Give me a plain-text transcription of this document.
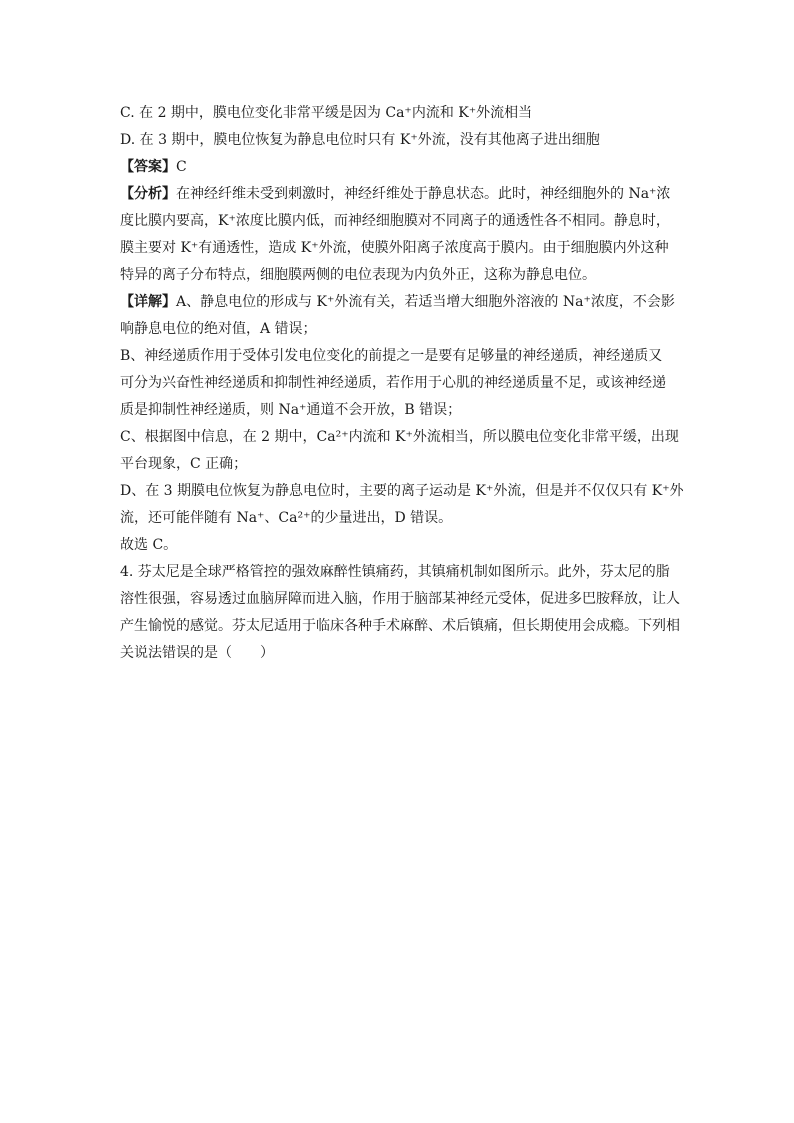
C. 在 2 期中，膜电位变化非常平缓是因为 Ca⁺内流和 K⁺外流相当

D. 在 3 期中，膜电位恢复为静息电位时只有 K⁺外流，没有其他离子进出细胞

【答案】C

【分析】在神经纤维未受到刺激时，神经纤维处于静息状态。此时，神经细胞外的 Na⁺浓

度比膜内要高，K⁺浓度比膜内低，而神经细胞膜对不同离子的通透性各不相同。静息时，

膜主要对 K⁺有通透性，造成 K⁺外流，使膜外阳离子浓度高于膜内。由于细胞膜内外这种

特异的离子分布特点，细胞膜两侧的电位表现为内负外正，这称为静息电位。

【详解】A、静息电位的形成与 K⁺外流有关，若适当增大细胞外溶液的 Na⁺浓度，不会影

响静息电位的绝对值，A 错误；

B、神经递质作用于受体引发电位变化的前提之一是要有足够量的神经递质，神经递质又

可分为兴奋性神经递质和抑制性神经递质，若作用于心肌的神经递质量不足，或该神经递

质是抑制性神经递质，则 Na⁺通道不会开放，B 错误；

C、根据图中信息，在 2 期中，Ca²⁺内流和 K⁺外流相当，所以膜电位变化非常平缓，出现

平台现象，C 正确；

D、在 3 期膜电位恢复为静息电位时，主要的离子运动是 K⁺外流，但是并不仅仅只有 K⁺外

流，还可能伴随有 Na⁺、Ca²⁺的少量进出，D 错误。

故选 C。

4. 芬太尼是全球严格管控的强效麻醉性镇痛药，其镇痛机制如图所示。此外，芬太尼的脂

溶性很强，容易透过血脑屏障而进入脑，作用于脑部某神经元受体，促进多巴胺释放，让人

产生愉悦的感觉。芬太尼适用于临床各种手术麻醉、术后镇痛，但长期使用会成瘾。下列相

关说法错误的是（　　）
